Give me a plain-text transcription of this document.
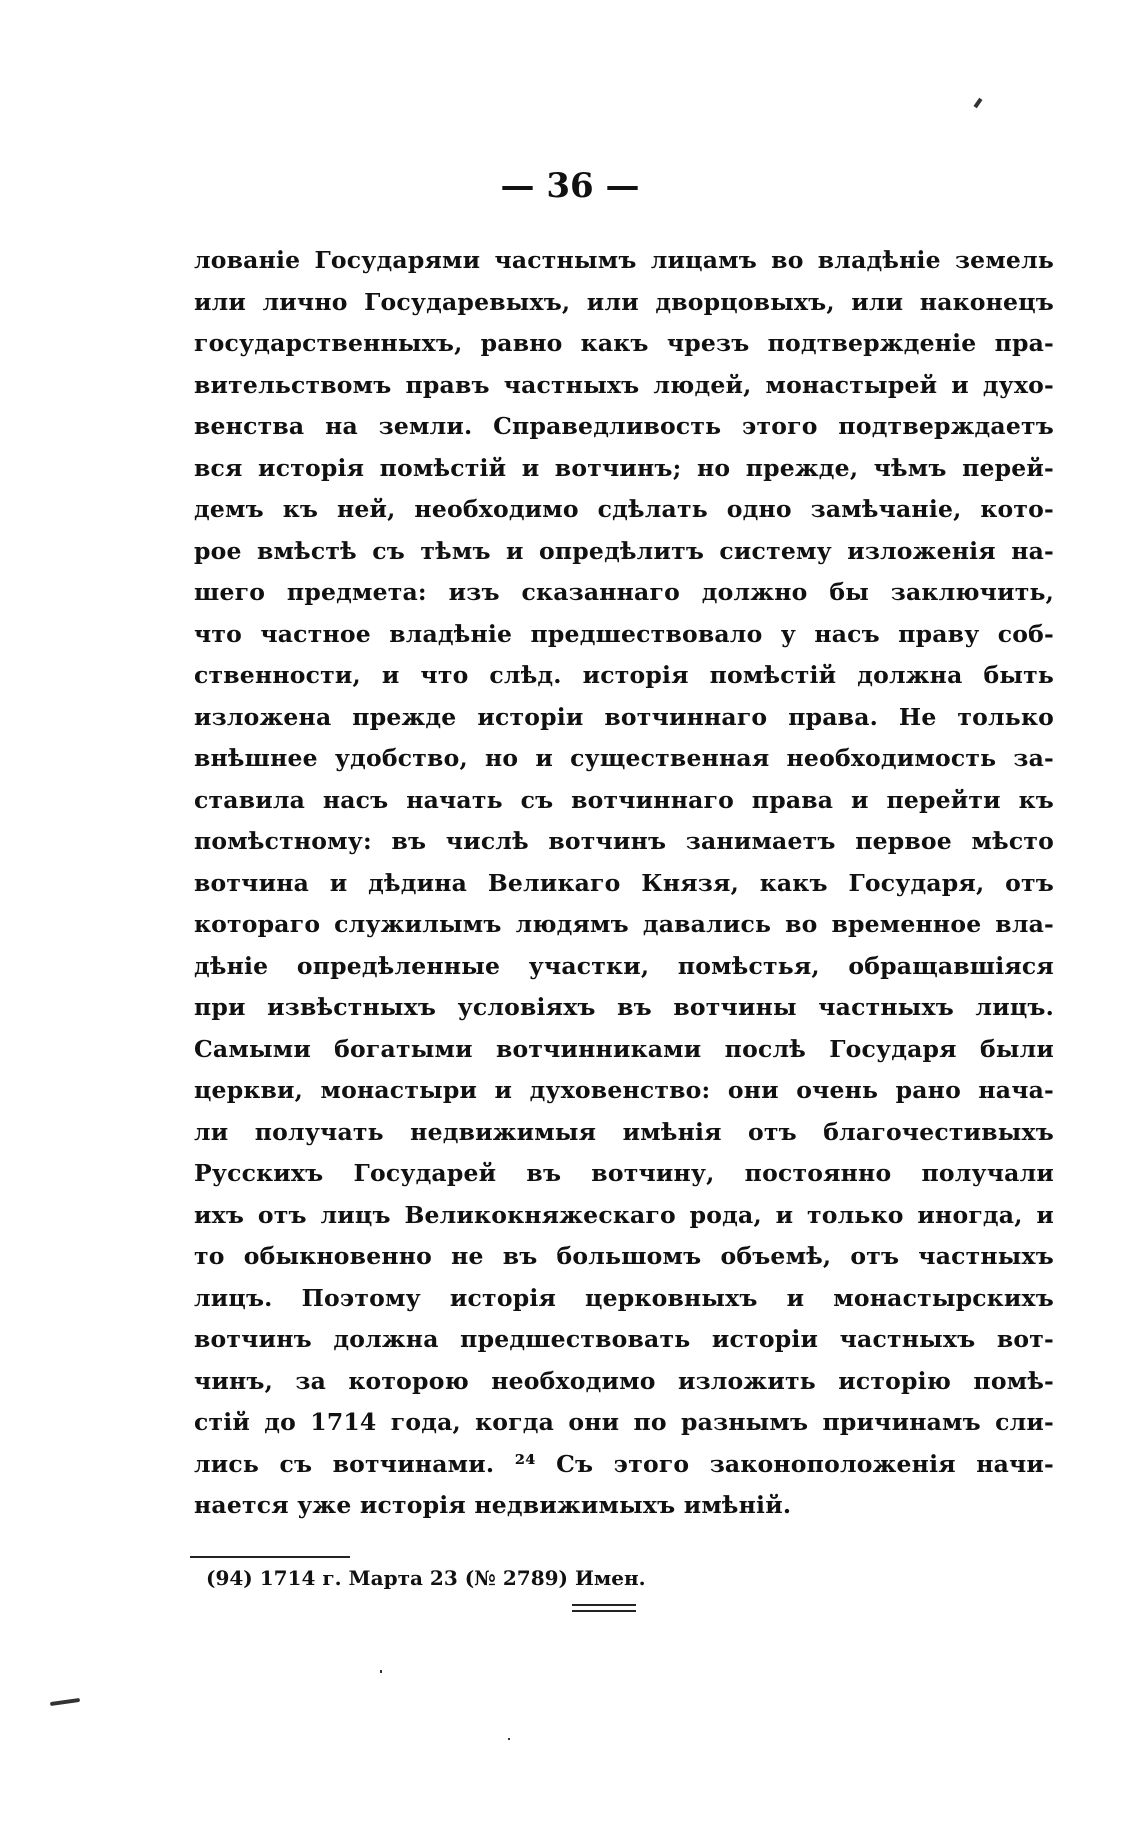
— 36 —
лованіе Государями частнымъ лицамъ во владѣніе земель
или лично Государевыхъ, или дворцовыхъ, или наконецъ
государственныхъ, равно какъ чрезъ подтвержденіе пра-
вительствомъ правъ частныхъ людей, монастырей и духо-
венства на земли. Справедливость этого подтверждаетъ
вся исторія помѣстій и вотчинъ; но прежде, чѣмъ перей-
демъ къ ней, необходимо сдѣлать одно замѣчаніе, кото-
рое вмѣстѣ съ тѣмъ и опредѣлитъ систему изложенія на-
шего предмета: изъ сказаннаго должно бы заключить,
что частное владѣніе предшествовало у насъ праву соб-
ственности, и что слѣд. исторія помѣстій должна быть
изложена прежде исторіи вотчиннаго права. Не только
внѣшнее удобство, но и существенная необходимость за-
ставила насъ начать съ вотчиннаго права и перейти къ
помѣстному: въ числѣ вотчинъ занимаетъ первое мѣсто
вотчина и дѣдина Великаго Князя, какъ Государя, отъ
котораго служилымъ людямъ давались во временное вла-
дѣніе опредѣленные участки, помѣстья, обращавшіяся
при извѣстныхъ условіяхъ въ вотчины частныхъ лицъ.
Самыми богатыми вотчинниками послѣ Государя были
церкви, монастыри и духовенство: они очень рано нача-
ли получать недвижимыя имѣнія отъ благочестивыхъ
Русскихъ Государей въ вотчину, постоянно получали
ихъ отъ лицъ Великокняжескаго рода, и только иногда, и
то обыкновенно не въ большомъ объемѣ, отъ частныхъ
лицъ. Поэтому исторія церковныхъ и монастырскихъ
вотчинъ должна предшествовать исторіи частныхъ вот-
чинъ, за которою необходимо изложить исторію помѣ-
стій до 1714 года, когда они по разнымъ причинамъ сли-
лись съ вотчинами. ²⁴ Съ этого законоположенія начи-
нается уже исторія недвижимыхъ имѣній.
(94) 1714 г. Марта 23 (№ 2789) Имен.
